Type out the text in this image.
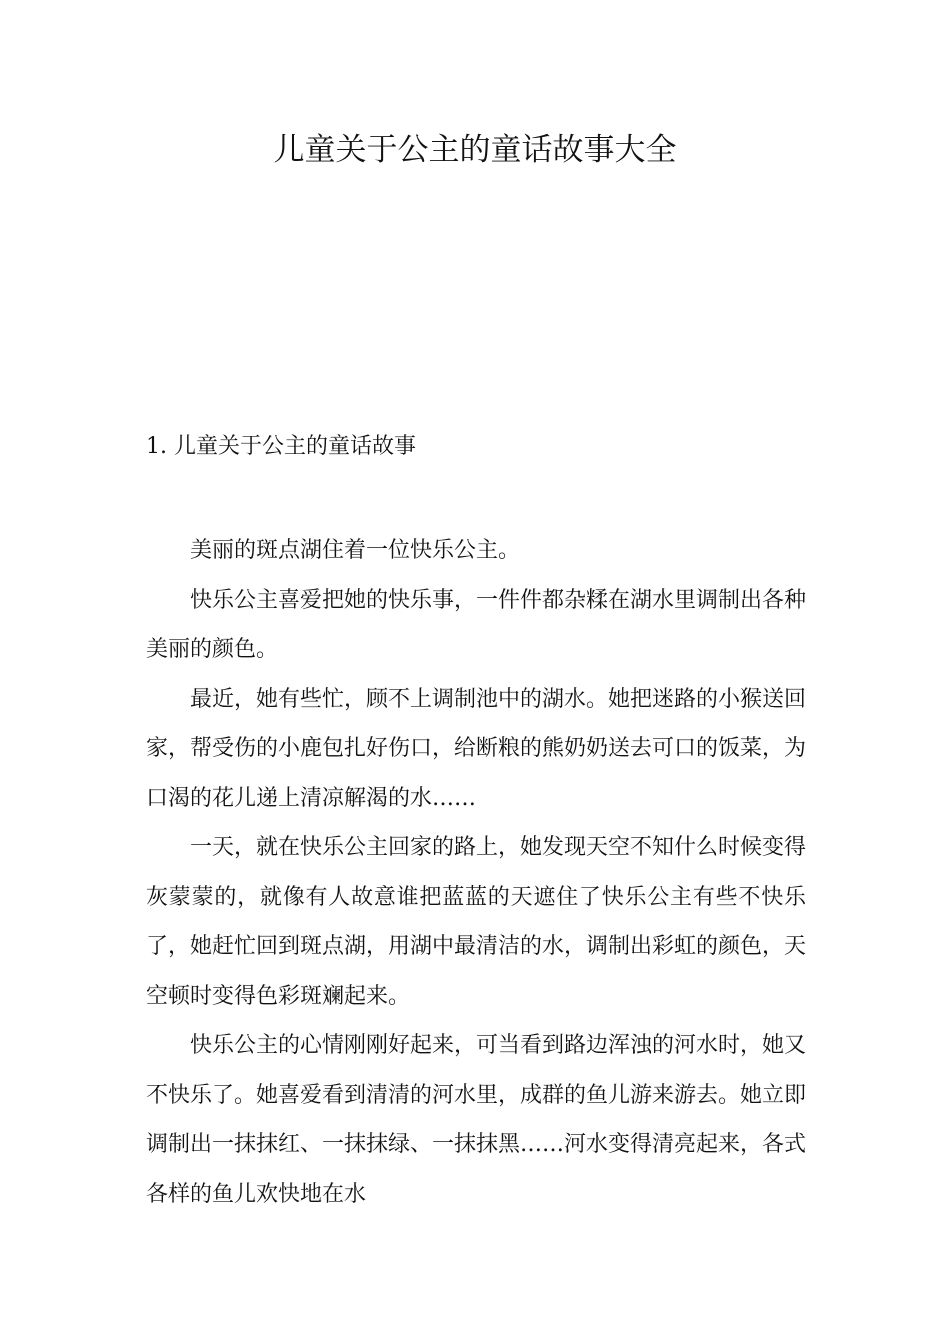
儿童关于公主的童话故事大全
1. 儿童关于公主的童话故事

美丽的斑点湖住着一位快乐公主。

快乐公主喜爱把她的快乐事，一件件都杂糅在湖水里调制出各种美丽的颜色。

最近，她有些忙，顾不上调制池中的湖水。她把迷路的小猴送回家，帮受伤的小鹿包扎好伤口，给断粮的熊奶奶送去可口的饭菜，为口渴的花儿递上清凉解渴的水……

一天，就在快乐公主回家的路上，她发现天空不知什么时候变得灰蒙蒙的，就像有人故意谁把蓝蓝的天遮住了快乐公主有些不快乐了，她赶忙回到斑点湖，用湖中最清洁的水，调制出彩虹的颜色，天空顿时变得色彩斑斓起来。

快乐公主的心情刚刚好起来，可当看到路边浑浊的河水时，她又不快乐了。她喜爱看到清清的河水里，成群的鱼儿游来游去。她立即调制出一抹抹红、一抹抹绿、一抹抹黑……河水变得清亮起来，各式各样的鱼儿欢快地在水
